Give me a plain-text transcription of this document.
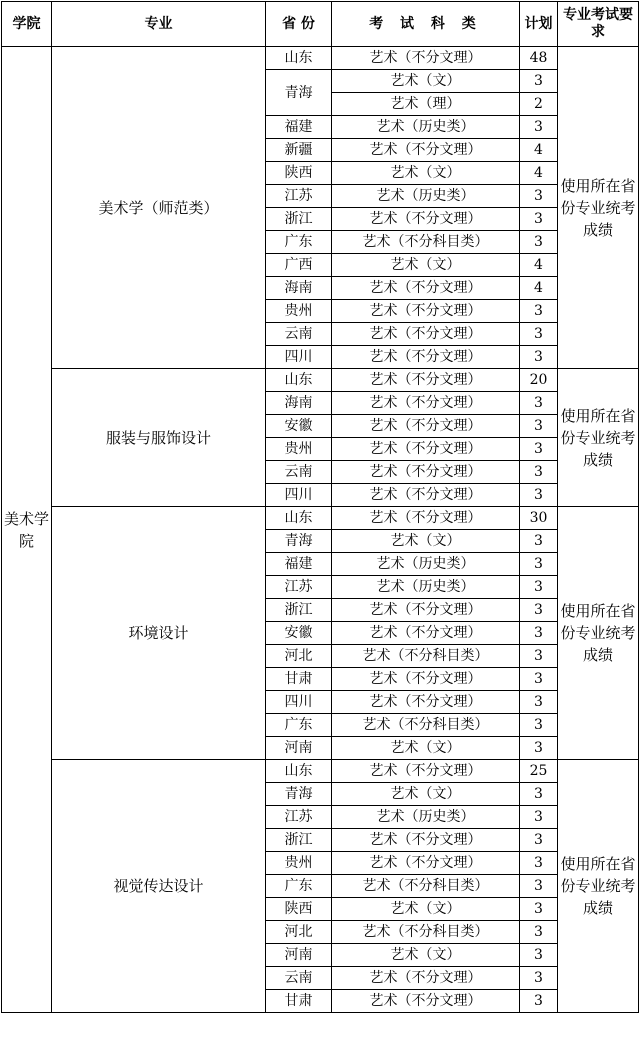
学院	专业	省 份	考 试 科 类	计划	专业考试要求
美术学院	美术学（师范类）	山东	艺术（不分文理）	48	使用所在省份专业统考成绩
		青海	艺术（文）	3	
			艺术（理）	2	
		福建	艺术（历史类）	3	
		新疆	艺术（不分文理）	4	
		陕西	艺术（文）	4	
		江苏	艺术（历史类）	3	
		浙江	艺术（不分文理）	3	
		广东	艺术（不分科目类）	3	
		广西	艺术（文）	4	
		海南	艺术（不分文理）	4	
		贵州	艺术（不分文理）	3	
		云南	艺术（不分文理）	3	
		四川	艺术（不分文理）	3	
	服装与服饰设计	山东	艺术（不分文理）	20	使用所在省份专业统考成绩
		海南	艺术（不分文理）	3	
		安徽	艺术（不分文理）	3	
		贵州	艺术（不分文理）	3	
		云南	艺术（不分文理）	3	
		四川	艺术（不分文理）	3	
	环境设计	山东	艺术（不分文理）	30	使用所在省份专业统考成绩
		青海	艺术（文）	3	
		福建	艺术（历史类）	3	
		江苏	艺术（历史类）	3	
		浙江	艺术（不分文理）	3	
		安徽	艺术（不分文理）	3	
		河北	艺术（不分科目类）	3	
		甘肃	艺术（不分文理）	3	
		四川	艺术（不分文理）	3	
		广东	艺术（不分科目类）	3	
		河南	艺术（文）	3	
	视觉传达设计	山东	艺术（不分文理）	25	使用所在省份专业统考成绩
		青海	艺术（文）	3	
		江苏	艺术（历史类）	3	
		浙江	艺术（不分文理）	3	
		贵州	艺术（不分文理）	3	
		广东	艺术（不分科目类）	3	
		陕西	艺术（文）	3	
		河北	艺术（不分科目类）	3	
		河南	艺术（文）	3	
		云南	艺术（不分文理）	3	
		甘肃	艺术（不分文理）	3	
